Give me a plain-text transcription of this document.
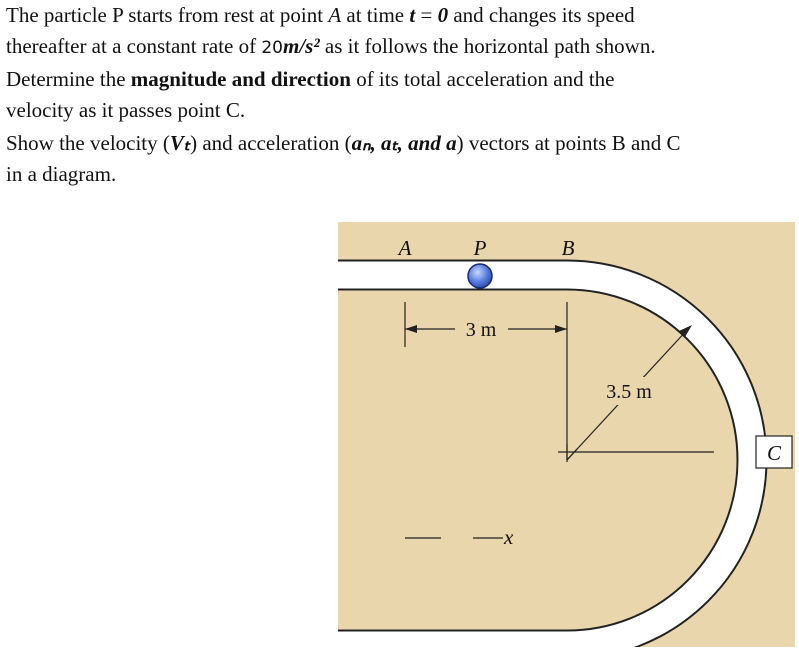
The particle P starts from rest at point A at time t = 0 and changes its speed

thereafter at a constant rate of 20m/s² as it follows the horizontal path shown.

Determine the magnitude and direction of its total acceleration and the

velocity as it passes point C.

Show the velocity (Vₜ) and acceleration (aₙ, aₜ, and a) vectors at points B and C

in a diagram.

A	P	B
3 m
3.5 m
C
x
